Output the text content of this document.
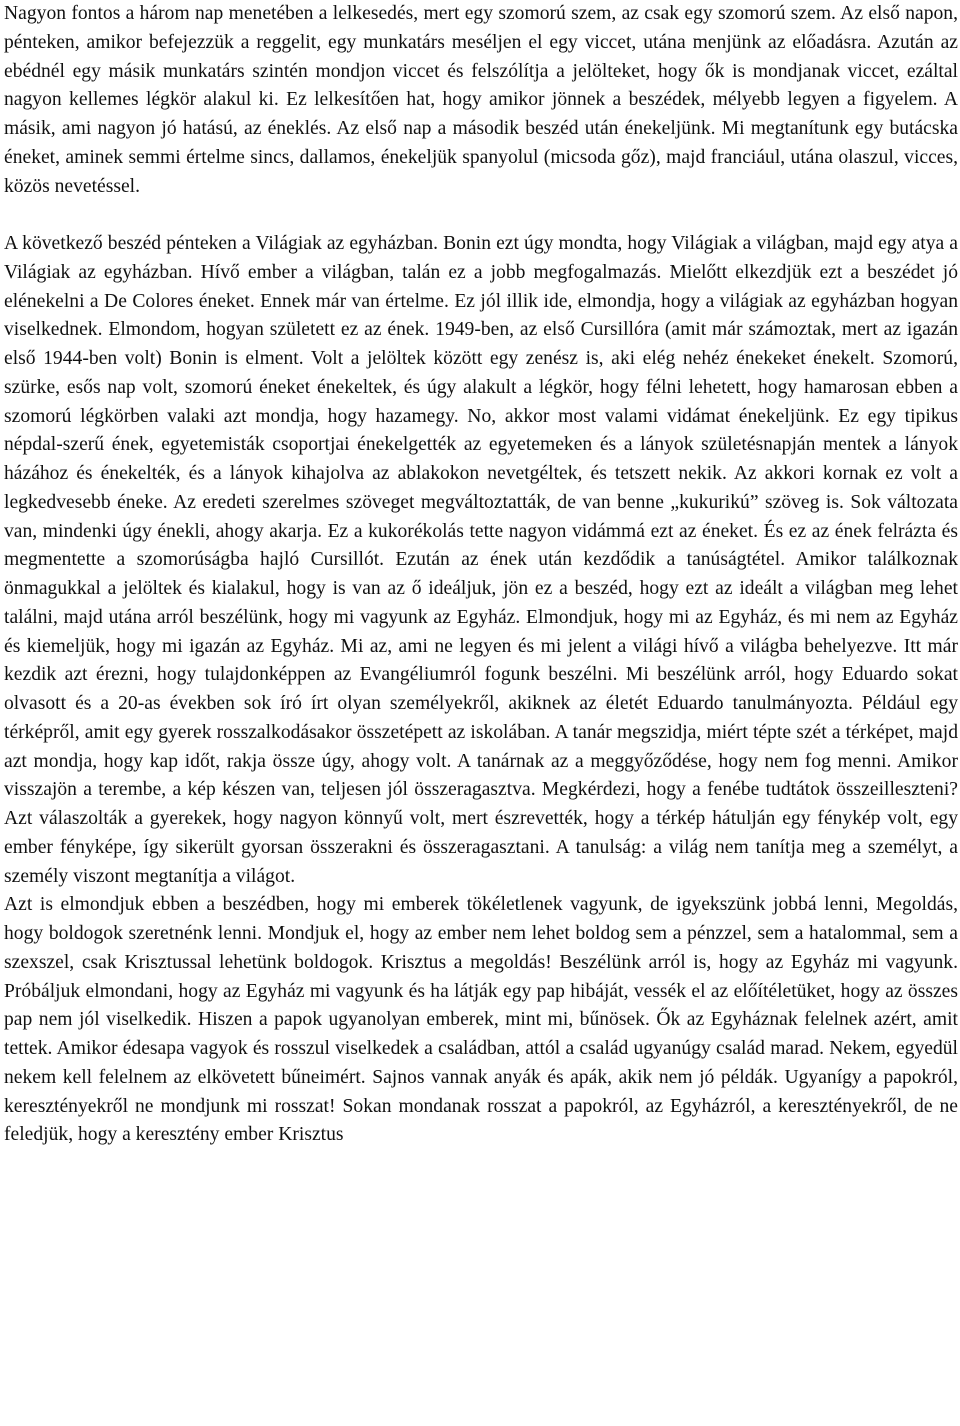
Nagyon fontos a három nap menetében a lelkesedés, mert egy szomorú szem, az csak egy szomorú szem. Az első napon, pénteken, amikor befejezzük a reggelit, egy munkatárs meséljen el egy viccet, utána menjünk az előadásra. Azután az ebédnél egy másik munkatárs szintén mondjon viccet és felszólítja a jelölteket, hogy ők is mondjanak viccet, ezáltal nagyon kellemes légkör alakul ki. Ez lelkesítően hat, hogy amikor jönnek a beszédek, mélyebb legyen a figyelem. A másik, ami nagyon jó hatású, az éneklés. Az első nap a második beszéd után énekeljünk. Mi megtanítunk egy butácska éneket, aminek semmi értelme sincs, dallamos, énekeljük spanyolul (micsoda gőz), majd franciául, utána olaszul, vicces, közös nevetéssel.

A következő beszéd pénteken a Világiak az egyházban. Bonin ezt úgy mondta, hogy Világiak a világban, majd egy atya a Világiak az egyházban. Hívő ember a világban, talán ez a jobb megfogalmazás. Mielőtt elkezdjük ezt a beszédet jó elénekelni a De Colores éneket. Ennek már van értelme. Ez jól illik ide, elmondja, hogy a világiak az egyházban hogyan viselkednek. Elmondom, hogyan született ez az ének. 1949-ben, az első Cursillóra (amit már számoztak, mert az igazán első 1944-ben volt) Bonin is elment. Volt a jelöltek között egy zenész is, aki elég nehéz énekeket énekelt. Szomorú, szürke, esős nap volt, szomorú éneket énekeltek, és úgy alakult a légkör, hogy félni lehetett, hogy hamarosan ebben a szomorú légkörben valaki azt mondja, hogy hazamegy. No, akkor most valami vidámat énekeljünk. Ez egy tipikus népdal-szerű ének, egyetemisták csoportjai énekelgették az egyetemeken és a lányok születésnapján mentek a lányok házához és énekelték, és a lányok kihajolva az ablakokon nevetgéltek, és tetszett nekik. Az akkori kornak ez volt a legkedvesebb éneke. Az eredeti szerelmes szöveget megváltoztatták, de van benne „kukurikú” szöveg is. Sok változata van, mindenki úgy énekli, ahogy akarja. Ez a kukorékolás tette nagyon vidámmá ezt az éneket. És ez az ének felrázta és megmentette a szomorúságba hajló Cursillót. Ezután az ének után kezdődik a tanúságtétel. Amikor találkoznak önmagukkal a jelöltek és kialakul, hogy is van az ő ideáljuk, jön ez a beszéd, hogy ezt az ideált a világban meg lehet találni, majd utána arról beszélünk, hogy mi vagyunk az Egyház. Elmondjuk, hogy mi az Egyház, és mi nem az Egyház és kiemeljük, hogy mi igazán az Egyház. Mi az, ami ne legyen és mi jelent a világi hívő a világba behelyezve. Itt már kezdik azt érezni, hogy tulajdonképpen az Evangéliumról fogunk beszélni. Mi beszélünk arról, hogy Eduardo sokat olvasott és a 20-as években sok író írt olyan személyekről, akiknek az életét Eduardo tanulmányozta. Például egy térképről, amit egy gyerek rosszalkodásakor összetépett az iskolában. A tanár megszidja, miért tépte szét a térképet, majd azt mondja, hogy kap időt, rakja össze úgy, ahogy volt. A tanárnak az a meggyőződése, hogy nem fog menni. Amikor visszajön a terembe, a kép készen van, teljesen jól összeragasztva. Megkérdezi, hogy a fenébe tudtátok összeilleszteni? Azt válaszolták a gyerekek, hogy nagyon könnyű volt, mert észrevették, hogy a térkép hátulján egy fénykép volt, egy ember fényképe, így sikerült gyorsan összerakni és összeragasztani. A tanulság: a világ nem tanítja meg a személyt, a személy viszont megtanítja a világot.

Azt is elmondjuk ebben a beszédben, hogy mi emberek tökéletlenek vagyunk, de igyekszünk jobbá lenni, Megoldás, hogy boldogok szeretnénk lenni. Mondjuk el, hogy az ember nem lehet boldog sem a pénzzel, sem a hatalommal, sem a szexszel, csak Krisztussal lehetünk boldogok. Krisztus a megoldás! Beszélünk arról is, hogy az Egyház mi vagyunk. Próbáljuk elmondani, hogy az Egyház mi vagyunk és ha látják egy pap hibáját, vessék el az előítéletüket, hogy az összes pap nem jól viselkedik. Hiszen a papok ugyanolyan emberek, mint mi, bűnösek. Ők az Egyháznak felelnek azért, amit tettek. Amikor édesapa vagyok és rosszul viselkedek a családban, attól a család ugyanúgy család marad. Nekem, egyedül nekem kell felelnem az elkövetett bűneimért. Sajnos vannak anyák és apák, akik nem jó példák. Ugyanígy a papokról, keresztényekről ne mondjunk mi rosszat! Sokan mondanak rosszat a papokról, az Egyházról, a keresztényekről, de ne feledjük, hogy a keresztény ember Krisztus
